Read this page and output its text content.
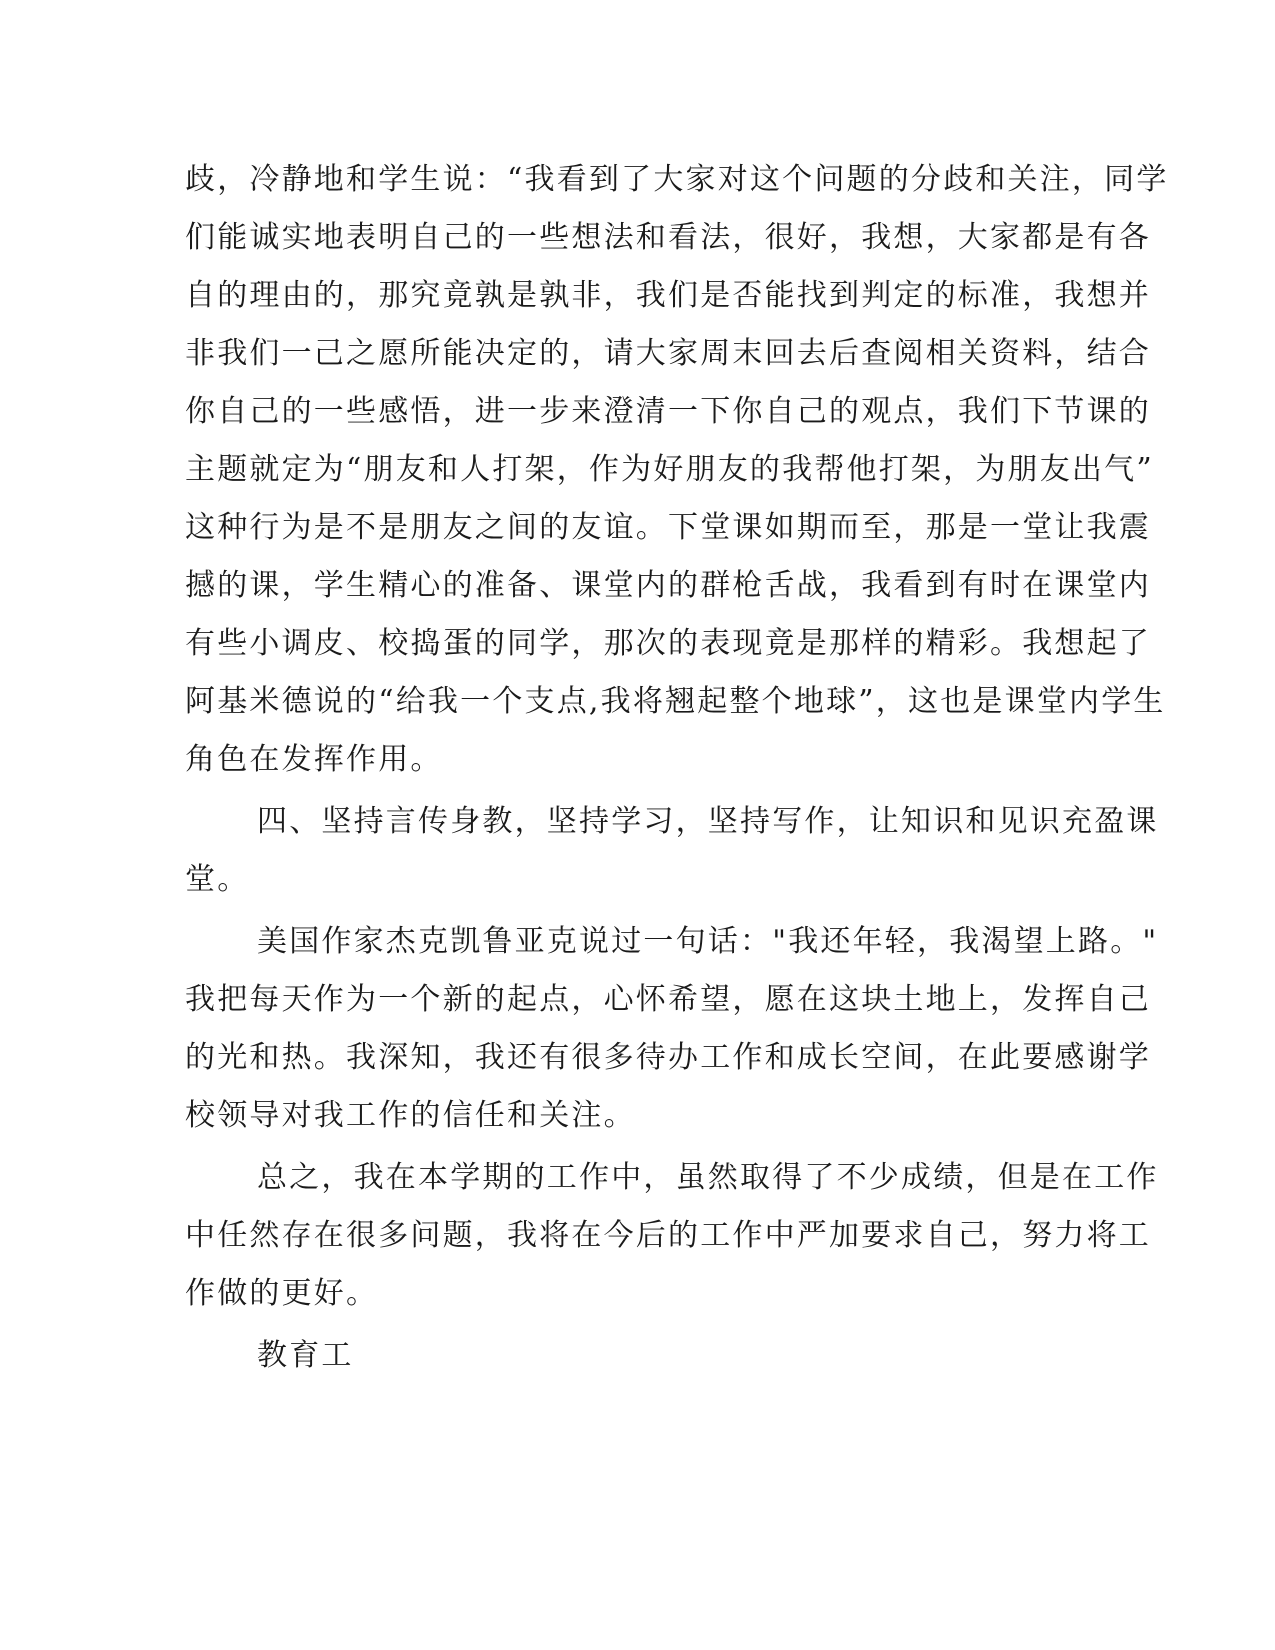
歧，冷静地和学生说：“我看到了大家对这个问题的分歧和关注，同学
们能诚实地表明自己的一些想法和看法，很好，我想，大家都是有各
自的理由的，那究竟孰是孰非，我们是否能找到判定的标准，我想并
非我们一己之愿所能决定的，请大家周末回去后查阅相关资料，结合
你自己的一些感悟，进一步来澄清一下你自己的观点，我们下节课的
主题就定为“朋友和人打架，作为好朋友的我帮他打架，为朋友出气”
这种行为是不是朋友之间的友谊。下堂课如期而至，那是一堂让我震
撼的课，学生精心的准备、课堂内的群枪舌战，我看到有时在课堂内
有些小调皮、校捣蛋的同学，那次的表现竟是那样的精彩。我想起了
阿基米德说的“给我一个支点,我将翘起整个地球”，这也是课堂内学生
角色在发挥作用。
四、坚持言传身教，坚持学习，坚持写作，让知识和见识充盈课
堂。
美国作家杰克凯鲁亚克说过一句话："我还年轻，我渴望上路。"
我把每天作为一个新的起点，心怀希望，愿在这块土地上，发挥自己
的光和热。我深知，我还有很多待办工作和成长空间，在此要感谢学
校领导对我工作的信任和关注。
总之，我在本学期的工作中，虽然取得了不少成绩，但是在工作
中任然存在很多问题，我将在今后的工作中严加要求自己，努力将工
作做的更好。
教育工
